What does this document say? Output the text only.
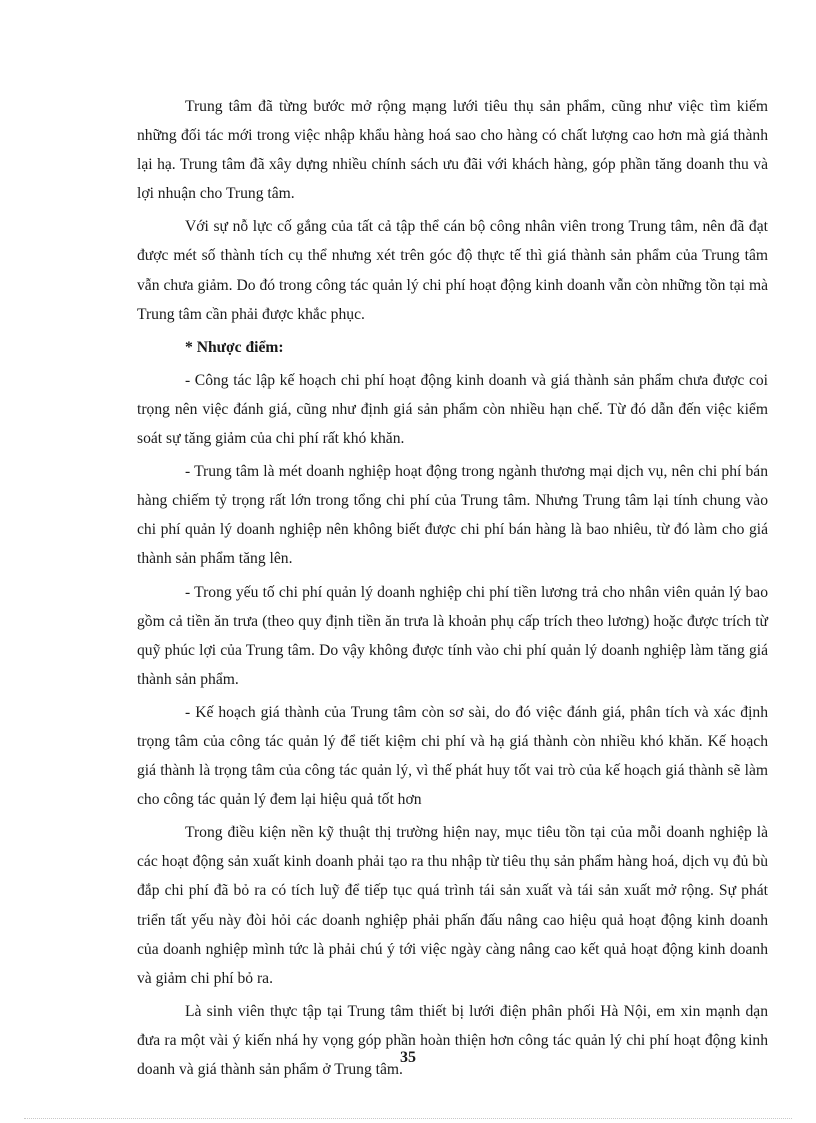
Trung tâm đã từng bước mở rộng mạng lưới tiêu thụ sản phẩm, cũng như việc tìm kiếm những đối tác mới trong việc nhập khẩu hàng hoá sao cho hàng có chất lượng cao hơn mà giá thành lại hạ. Trung tâm đã xây dựng nhiều chính sách ưu đãi với khách hàng, góp phần tăng doanh thu và lợi nhuận cho Trung tâm.

Với sự nỗ lực cố gắng của tất cả tập thể cán bộ công nhân viên trong Trung tâm, nên đã đạt được mét số thành tích cụ thể nhưng xét trên góc độ thực tế thì giá thành sản phẩm của Trung tâm vẫn chưa giảm. Do đó trong công tác quản lý chi phí hoạt động kinh doanh vẫn còn những tồn tại mà Trung tâm cần phải được khắc phục.

* Nhược điểm:

- Công tác lập kế hoạch chi phí hoạt động kinh doanh và giá thành sản phẩm chưa được coi trọng nên việc đánh giá, cũng như định giá sản phẩm còn nhiều hạn chế. Từ đó dẫn đến việc kiểm soát sự tăng giảm của chi phí rất khó khăn.

- Trung tâm là mét doanh nghiệp hoạt động trong ngành thương mại dịch vụ, nên chi phí bán hàng chiếm tỷ trọng rất lớn trong tổng chi phí của Trung tâm. Nhưng Trung tâm lại tính chung vào chi phí quản lý doanh nghiệp nên không biết được chi phí bán hàng là bao nhiêu, từ đó làm cho giá thành sản phẩm tăng lên.

- Trong yếu tố chi phí quản lý doanh nghiệp chi phí tiền lương trả cho nhân viên quản lý bao gồm cả tiền ăn trưa (theo quy định tiền ăn trưa là khoản phụ cấp trích theo lương) hoặc được trích từ quỹ phúc lợi của Trung tâm. Do vậy không được tính vào chi phí quản lý doanh nghiệp làm tăng giá thành sản phẩm.

- Kế hoạch giá thành của Trung tâm còn sơ sài, do đó việc đánh giá, phân tích và xác định trọng tâm của công tác quản lý để tiết kiệm chi phí và hạ giá thành còn nhiều khó khăn. Kế hoạch giá thành là trọng tâm của công tác quản lý, vì thế phát huy tốt vai trò của kế hoạch giá thành sẽ làm cho công tác quản lý đem lại hiệu quả tốt hơn

Trong điều kiện nền kỹ thuật thị trường hiện nay, mục tiêu tồn tại của mỗi doanh nghiệp là các hoạt động sản xuất kinh doanh phải tạo ra thu nhập từ tiêu thụ sản phẩm hàng hoá, dịch vụ đủ bù đắp chi phí đã bỏ ra có tích luỹ để tiếp tục quá trình tái sản xuất và tái sản xuất mở rộng. Sự phát triển tất yếu này đòi hỏi các doanh nghiệp phải phấn đấu nâng cao hiệu quả hoạt động kinh doanh của doanh nghiệp mình tức là phải chú ý tới việc ngày càng nâng cao kết quả hoạt động kinh doanh và giảm chi phí bỏ ra.

Là sinh viên thực tập tại Trung tâm thiết bị lưới điện phân phối Hà Nội, em xin mạnh dạn đưa ra một vài ý kiến nhá hy vọng góp phần hoàn thiện hơn công tác quản lý chi phí hoạt động kinh doanh và giá thành sản phẩm ở Trung tâm.

35
